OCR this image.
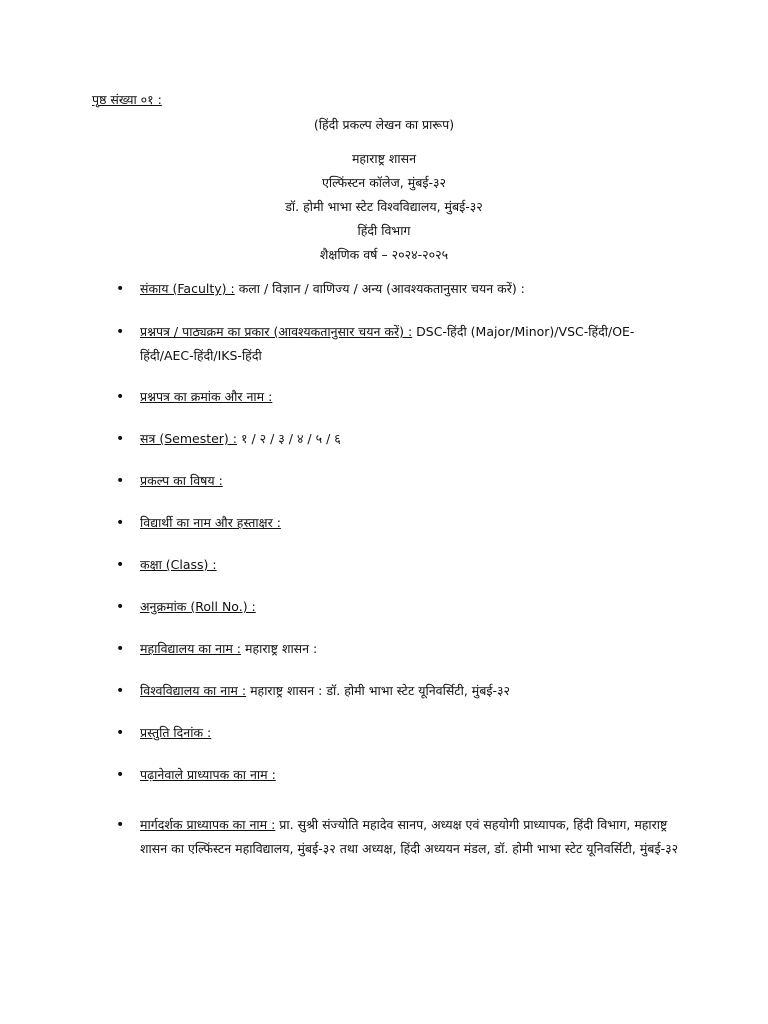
पृष्ठ संख्या ०१ :
(हिंदी प्रकल्प लेखन का प्रारूप)
महाराष्ट्र शासन
एल्फिंस्टन कॉलेज, मुंबई-३२
डॉ. होमी भाभा स्टेट विश्वविद्यालय, मुंबई-३२
हिंदी विभाग
शैक्षणिक वर्ष – २०२४-२०२५
• संकाय (Faculty) : कला / विज्ञान / वाणिज्य / अन्य (आवश्यकतानुसार चयन करें) :
• प्रश्नपत्र / पाठ्यक्रम का प्रकार (आवश्यकतानुसार चयन करें) : DSC-हिंदी (Major/Minor)/VSC-हिंदी/OE-हिंदी/AEC-हिंदी/IKS-हिंदी
• प्रश्नपत्र का क्रमांक और नाम :
• सत्र (Semester) : १ / २ / ३ / ४ / ५ / ६
• प्रकल्प का विषय :
• विद्यार्थी का नाम और हस्ताक्षर :
• कक्षा (Class) :
• अनुक्रमांक (Roll No.) :
• महाविद्यालय का नाम : महाराष्ट्र शासन :
• विश्वविद्यालय का नाम : महाराष्ट्र शासन : डॉ. होमी भाभा स्टेट यूनिवर्सिटी, मुंबई-३२
• प्रस्तुति दिनांक :
• पढ़ानेवाले प्राध्यापक का नाम :
• मार्गदर्शक प्राध्यापक का नाम : प्रा. सुश्री संज्योति महादेव सानप, अध्यक्ष एवं सहयोगी प्राध्यापक, हिंदी विभाग, महाराष्ट्र शासन का एल्फिंस्टन महाविद्यालय, मुंबई-३२ तथा अध्यक्ष, हिंदी अध्ययन मंडल, डॉ. होमी भाभा स्टेट यूनिवर्सिटी, मुंबई-३२
